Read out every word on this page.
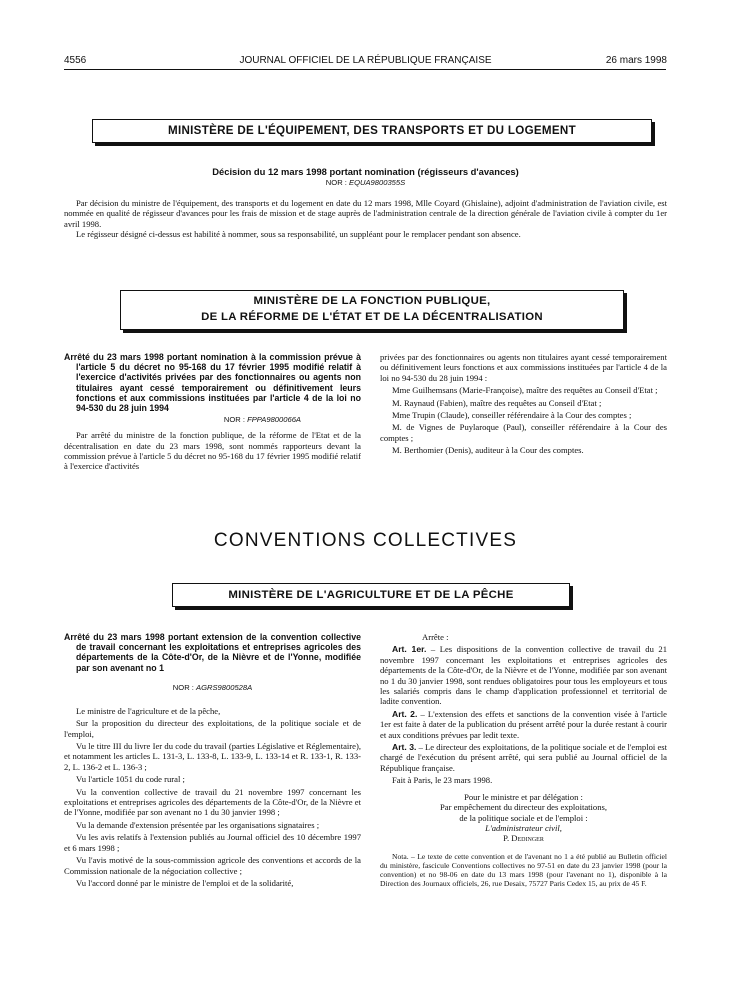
4556	JOURNAL OFFICIEL DE LA RÉPUBLIQUE FRANÇAISE	26 mars 1998
MINISTÈRE DE L'ÉQUIPEMENT, DES TRANSPORTS ET DU LOGEMENT
Décision du 12 mars 1998 portant nomination (régisseurs d'avances)
NOR : EQUA9800355S

Par décision du ministre de l'équipement, des transports et du logement en date du 12 mars 1998, Mlle Coyard (Ghislaine), adjoint d'administration de l'aviation civile, est nommée en qualité de régisseur d'avances pour les frais de mission et de stage auprès de l'administration centrale de la direction générale de l'aviation civile à compter du 1er avril 1998.

Le régisseur désigné ci-dessus est habilité à nommer, sous sa responsabilité, un suppléant pour le remplacer pendant son absence.

MINISTÈRE DE LA FONCTION PUBLIQUE,
DE LA RÉFORME DE L'ÉTAT ET DE LA DÉCENTRALISATION

Arrêté du 23 mars 1998 portant nomination à la commission prévue à l'article 5 du décret no 95-168 du 17 février 1995 modifié relatif à l'exercice d'activités privées par des fonctionnaires ou agents non titulaires ayant cessé temporairement ou définitivement leurs fonctions et aux commissions instituées par l'article 4 de la loi no 94-530 du 28 juin 1994

NOR : FPPA9800066A

Par arrêté du ministre de la fonction publique, de la réforme de l'Etat et de la décentralisation en date du 23 mars 1998, sont nommés rapporteurs devant la commission prévue à l'article 5 du décret no 95-168 du 17 février 1995 modifié relatif à l'exercice d'activités

privées par des fonctionnaires ou agents non titulaires ayant cessé temporairement ou définitivement leurs fonctions et aux commissions instituées par l'article 4 de la loi no 94-530 du 28 juin 1994 :

Mme Guilhemsans (Marie-Françoise), maître des requêtes au Conseil d'Etat ;

M. Raynaud (Fabien), maître des requêtes au Conseil d'Etat ;

Mme Trupin (Claude), conseiller référendaire à la Cour des comptes ;

M. de Vignes de Puylaroque (Paul), conseiller référendaire à la Cour des comptes ;

M. Berthomier (Denis), auditeur à la Cour des comptes.

CONVENTIONS COLLECTIVES
MINISTÈRE DE L'AGRICULTURE ET DE LA PÊCHE

Arrêté du 23 mars 1998 portant extension de la convention collective de travail concernant les exploitations et entreprises agricoles des départements de la Côte-d'Or, de la Nièvre et de l'Yonne, modifiée par son avenant no 1

NOR : AGRS9800528A

Le ministre de l'agriculture et de la pêche,

Sur la proposition du directeur des exploitations, de la politique sociale et de l'emploi,

Vu le titre III du livre Ier du code du travail (parties Législative et Réglementaire), et notamment les articles L. 131-3, L. 133-8, L. 133-9, L. 133-14 et R. 133-1, R. 133-2, L. 136-2 et L. 136-3 ;

Vu l'article 1051 du code rural ;

Vu la convention collective de travail du 21 novembre 1997 concernant les exploitations et entreprises agricoles des départements de la Côte-d'Or, de la Nièvre et de l'Yonne, modifiée par son avenant no 1 du 30 janvier 1998 ;

Vu la demande d'extension présentée par les organisations signataires ;

Vu les avis relatifs à l'extension publiés au Journal officiel des 10 décembre 1997 et 6 mars 1998 ;

Vu l'avis motivé de la sous-commission agricole des conventions et accords de la Commission nationale de la négociation collective ;

Vu l'accord donné par le ministre de l'emploi et de la solidarité,

Arrête :

Art. 1er. – Les dispositions de la convention collective de travail du 21 novembre 1997 concernant les exploitations et entreprises agricoles des départements de la Côte-d'Or, de la Nièvre et de l'Yonne, modifiée par son avenant no 1 du 30 janvier 1998, sont rendues obligatoires pour tous les employeurs et tous les salariés compris dans le champ d'application professionnel et territorial de ladite convention.

Art. 2. – L'extension des effets et sanctions de la convention visée à l'article 1er est faite à dater de la publication du présent arrêté pour la durée restant à courir et aux conditions prévues par ledit texte.

Art. 3. – Le directeur des exploitations, de la politique sociale et de l'emploi est chargé de l'exécution du présent arrêté, qui sera publié au Journal officiel de la République française.

Fait à Paris, le 23 mars 1998.

Pour le ministre et par délégation :
Par empêchement du directeur des exploitations,
de la politique sociale et de l'emploi :
L'administrateur civil,
P. Dedinger

Nota. – Le texte de cette convention et de l'avenant no 1 a été publié au Bulletin officiel du ministère, fascicule Conventions collectives no 97-51 en date du 23 janvier 1998 (pour la convention) et no 98-06 en date du 13 mars 1998 (pour l'avenant no 1), disponible à la Direction des Journaux officiels, 26, rue Desaix, 75727 Paris Cedex 15, au prix de 45 F.
